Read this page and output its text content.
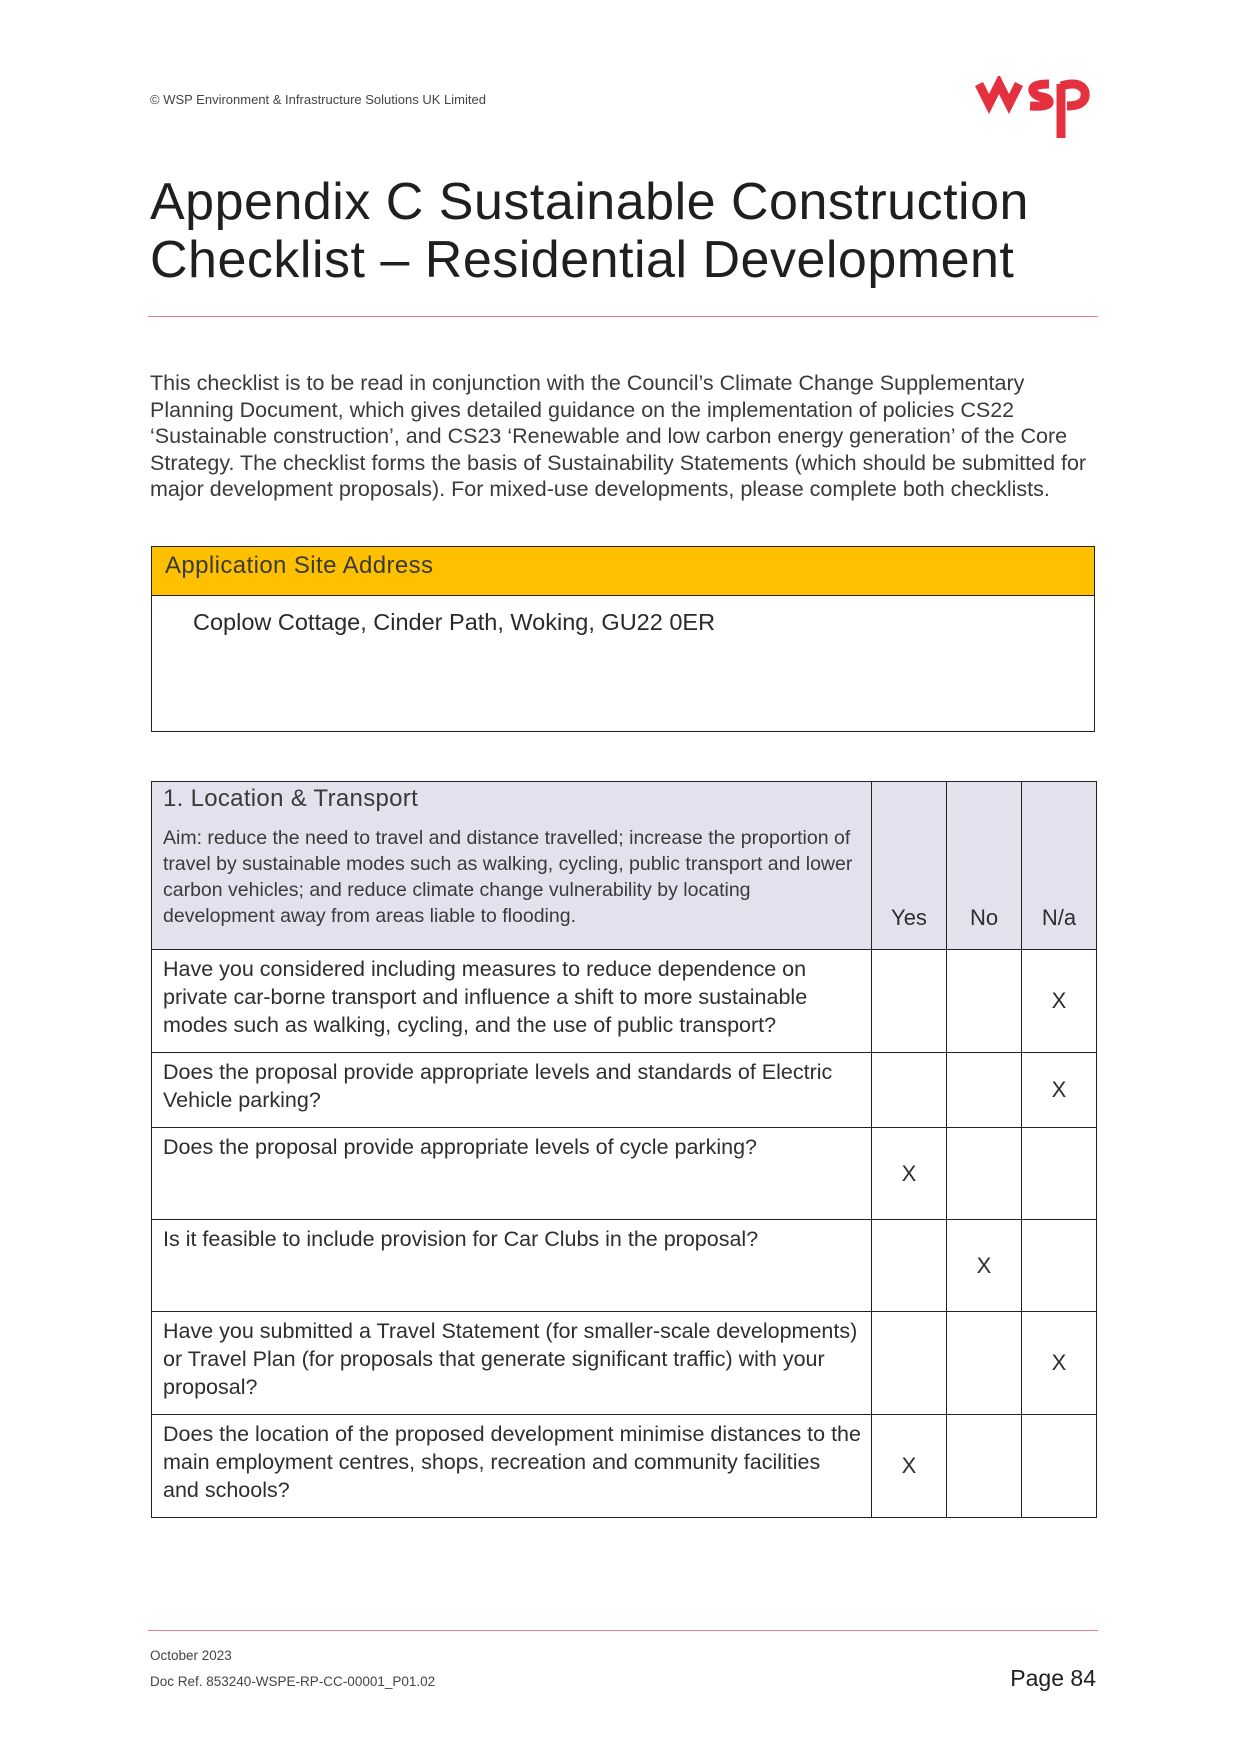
© WSP Environment & Infrastructure Solutions UK Limited
Appendix C Sustainable Construction Checklist – Residential Development

This checklist is to be read in conjunction with the Council’s Climate Change Supplementary Planning Document, which gives detailed guidance on the implementation of policies CS22 ‘Sustainable construction’, and CS23 ‘Renewable and low carbon energy generation’ of the Core Strategy. The checklist forms the basis of Sustainability Statements (which should be submitted for major development proposals). For mixed-use developments, please complete both checklists.

Application Site Address
Coplow Cottage, Cinder Path, Woking, GU22 0ER
1. Location & Transport
Aim: reduce the need to travel and distance travelled; increase the proportion of travel by sustainable modes such as walking, cycling, public transport and lower carbon vehicles; and reduce climate change vulnerability by locating development away from areas liable to flooding.	Yes	No	N/a
Have you considered including measures to reduce dependence on private car-borne transport and influence a shift to more sustainable modes such as walking, cycling, and the use of public transport?			X
Does the proposal provide appropriate levels and standards of Electric Vehicle parking?			X
Does the proposal provide appropriate levels of cycle parking?	X		
Is it feasible to include provision for Car Clubs in the proposal?		X	
Have you submitted a Travel Statement (for smaller-scale developments) or Travel Plan (for proposals that generate significant traffic) with your proposal?			X
Does the location of the proposed development minimise distances to the main employment centres, shops, recreation and community facilities and schools?	X		
October 2023
Doc Ref. 853240-WSPE-RP-CC-00001_P01.02	Page 84
